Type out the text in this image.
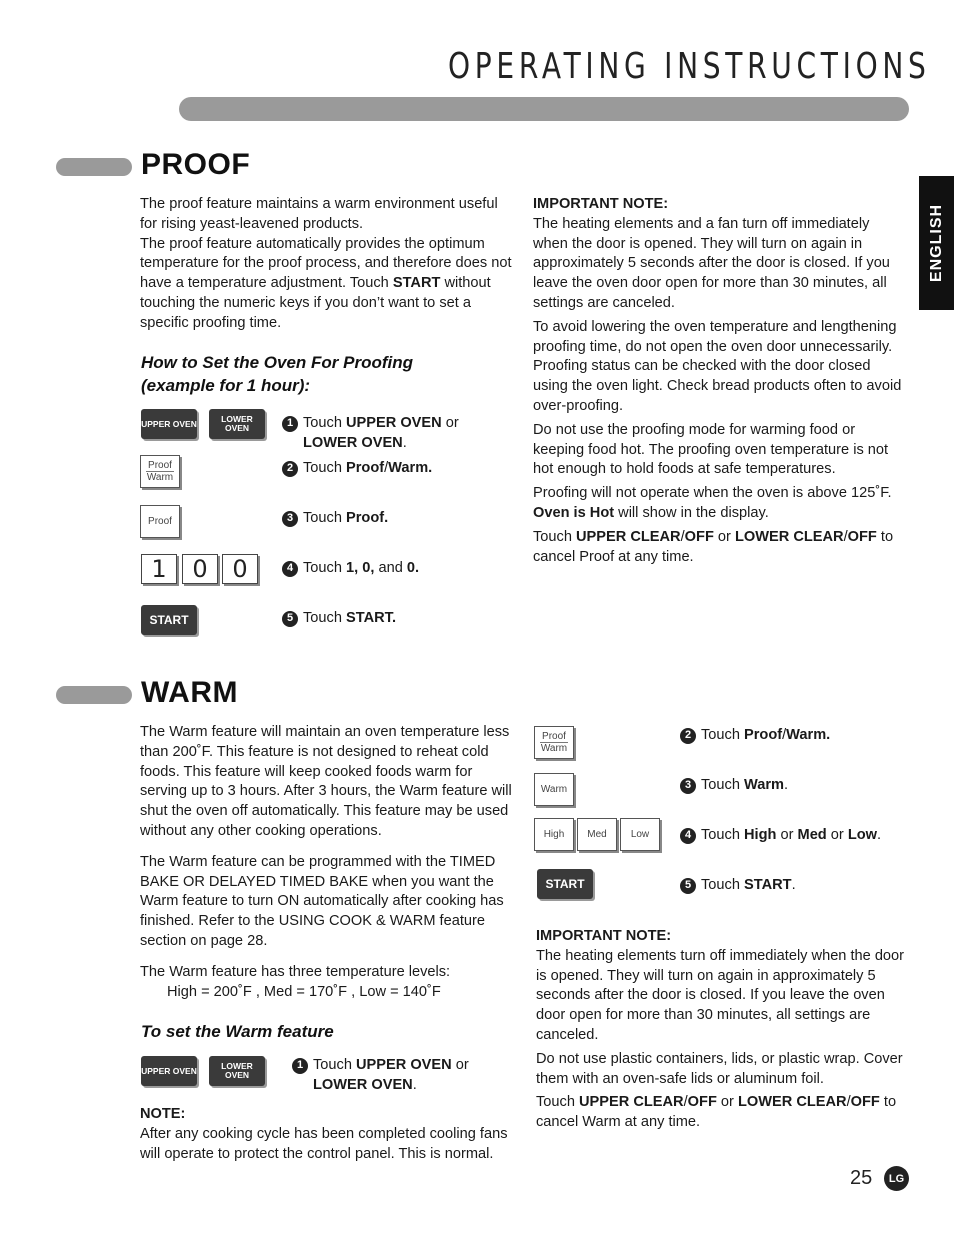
OPERATING INSTRUCTIONS
ENGLISH
PROOF

The proof feature maintains a warm environment useful for rising yeast-leavened products.

The proof feature automatically provides the optimum temperature for the proof process, and therefore does not have a temperature adjustment. Touch START without touching the numeric keys if you don’t want to set a specific proofing time.

How to Set the Oven For Proofing (example for 1 hour):
UPPER OVEN	LOWER OVEN
Proof
Warm
Proof
1	0	0
START
1 Touch UPPER OVEN or LOWER OVEN.
2 Touch Proof/Warm.
3 Touch Proof.
4 Touch 1, 0, and 0.
5 Touch START.

IMPORTANT NOTE:

The heating elements and a fan turn off immediately when the door is opened. They will turn on again in approximately 5 seconds after the door is closed. If you leave the oven door open for more than 30 minutes, all settings are canceled.

To avoid lowering the oven temperature and lengthening proofing time, do not open the oven door unnecessarily. Proofing status can be checked with the door closed using the oven light. Check bread products often to avoid over-proofing.

Do not use the proofing mode for warming food or keeping food hot. The proofing oven temperature is not hot enough to hold foods at safe temperatures.

Proofing will not operate when the oven is above 125˚F. Oven is Hot will show in the display.

Touch UPPER CLEAR/OFF or LOWER CLEAR/OFF to cancel Proof at any time.

WARM

The Warm feature will maintain an oven temperature less than 200˚F. This feature is not designed to reheat cold foods. This feature will keep cooked foods warm for serving up to 3 hours. After 3 hours, the Warm feature will shut the oven off automatically. This feature may be used without any other cooking operations.

The Warm feature can be programmed with the TIMED BAKE OR DELAYED TIMED BAKE when you want the Warm feature to turn ON automatically after cooking has finished. Refer to the USING COOK & WARM feature section on page 28.

The Warm feature has three temperature levels:

High = 200˚F , Med = 170˚F , Low = 140˚F

To set the Warm feature
UPPER OVEN	LOWER OVEN
1 Touch UPPER OVEN or LOWER OVEN.

NOTE:

After any cooking cycle has been completed cooling fans will operate to protect the control panel. This is normal.

Proof
Warm
Warm
High	Med	Low
START
2 Touch Proof/Warm.
3 Touch Warm.
4 Touch High or Med or Low.
5 Touch START.

IMPORTANT NOTE:

The heating elements turn off immediately when the door is opened. They will turn on again in approximately 5 seconds after the door is closed. If you leave the oven door open for more than 30 minutes, all settings are canceled.

Do not use plastic containers, lids, or plastic wrap. Cover them with an oven-safe lids or aluminum foil.

Touch UPPER CLEAR/OFF or LOWER CLEAR/OFF to cancel Warm at any time.

25	LG
